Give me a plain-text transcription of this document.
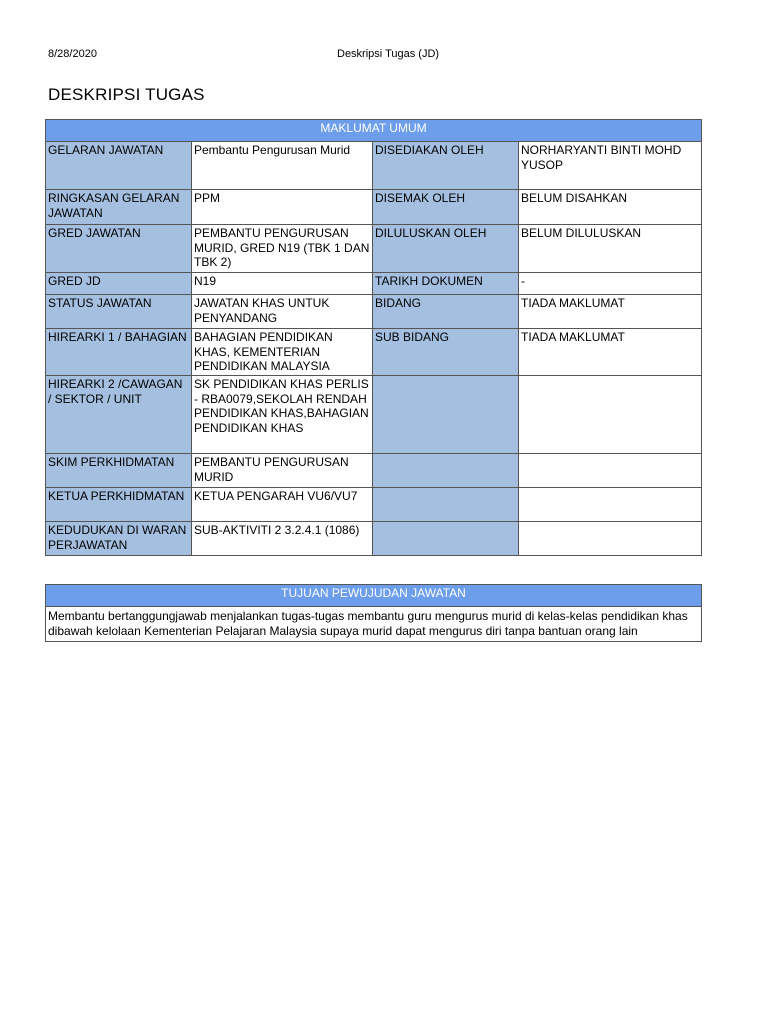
8/28/2020	Deskripsi Tugas (JD)
DESKRIPSI TUGAS
MAKLUMAT UMUM			
GELARAN JAWATAN	Pembantu Pengurusan Murid	DISEDIAKAN OLEH	NORHARYANTI BINTI MOHD YUSOP
RINGKASAN GELARAN JAWATAN	PPM	DISEMAK OLEH	BELUM DISAHKAN
GRED JAWATAN	PEMBANTU PENGURUSAN MURID, GRED N19 (TBK 1 DAN TBK 2)	DILULUSKAN OLEH	BELUM DILULUSKAN
GRED JD	N19	TARIKH DOKUMEN	-
STATUS JAWATAN	JAWATAN KHAS UNTUK PENYANDANG	BIDANG	TIADA MAKLUMAT
HIREARKI 1 / BAHAGIAN	BAHAGIAN PENDIDIKAN KHAS, KEMENTERIAN PENDIDIKAN MALAYSIA	SUB BIDANG	TIADA MAKLUMAT
HIREARKI 2 /CAWAGAN / SEKTOR / UNIT	SK PENDIDIKAN KHAS PERLIS - RBA0079,SEKOLAH RENDAH PENDIDIKAN KHAS,BAHAGIAN PENDIDIKAN KHAS		
SKIM PERKHIDMATAN	PEMBANTU PENGURUSAN MURID		
KETUA PERKHIDMATAN	KETUA PENGARAH VU6/VU7		
KEDUDUKAN DI WARAN PERJAWATAN	SUB-AKTIVITI 2 3.2.4.1 (1086)		
TUJUAN PEWUJUDAN JAWATAN
Membantu bertanggungjawab menjalankan tugas-tugas membantu guru mengurus murid di kelas-kelas pendidikan khas dibawah kelolaan Kementerian Pelajaran Malaysia supaya murid dapat mengurus diri tanpa bantuan orang lain
